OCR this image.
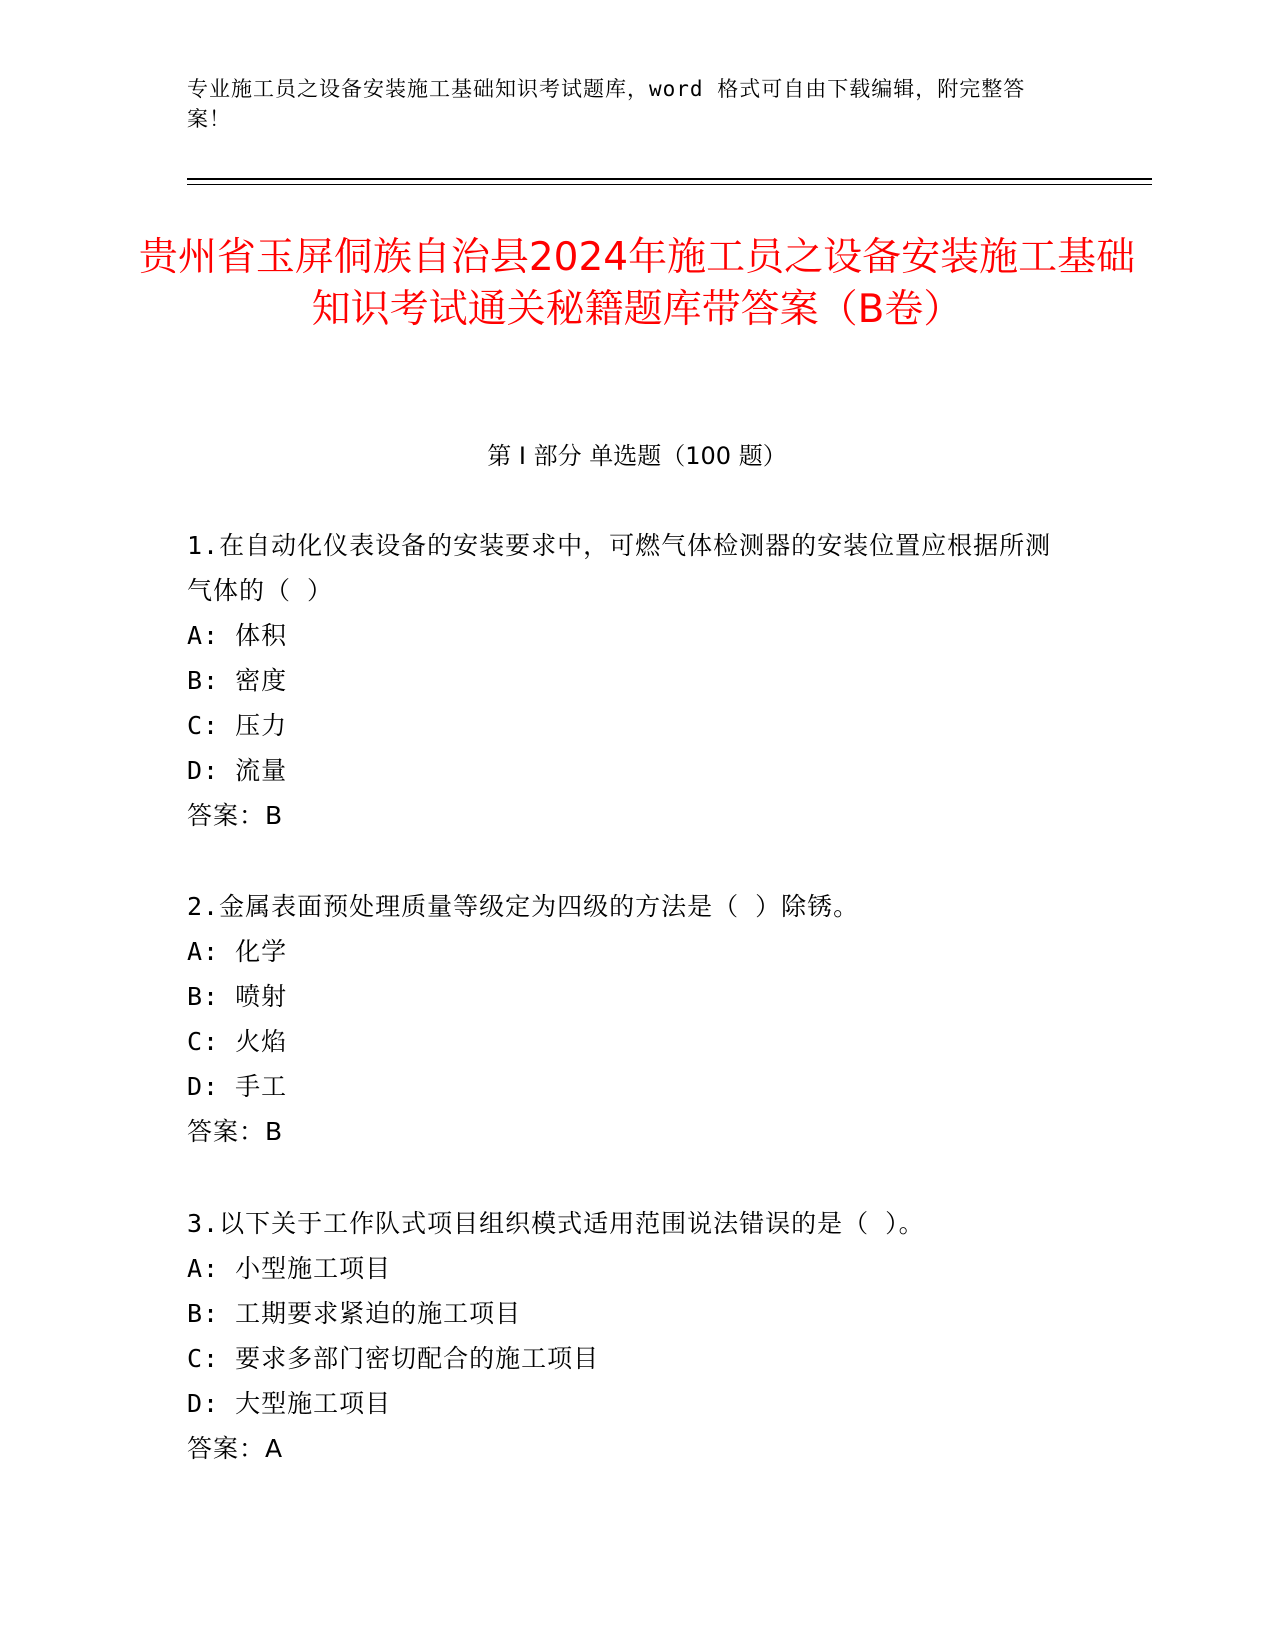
专业施工员之设备安装施工基础知识考试题库，word 格式可自由下载编辑，附完整答案！
贵州省玉屏侗族自治县2024年施工员之设备安装施工基础知识考试通关秘籍题库带答案（B卷）
第 I 部分 单选题（100 题）
1.在自动化仪表设备的安装要求中，可燃气体检测器的安装位置应根据所测气体的（ ）
A: 体积
B: 密度
C: 压力
D: 流量
答案：B
2.金属表面预处理质量等级定为四级的方法是（ ）除锈。
A: 化学
B: 喷射
C: 火焰
D: 手工
答案：B
3.以下关于工作队式项目组织模式适用范围说法错误的是（ ）。
A: 小型施工项目
B: 工期要求紧迫的施工项目
C: 要求多部门密切配合的施工项目
D: 大型施工项目
答案：A
